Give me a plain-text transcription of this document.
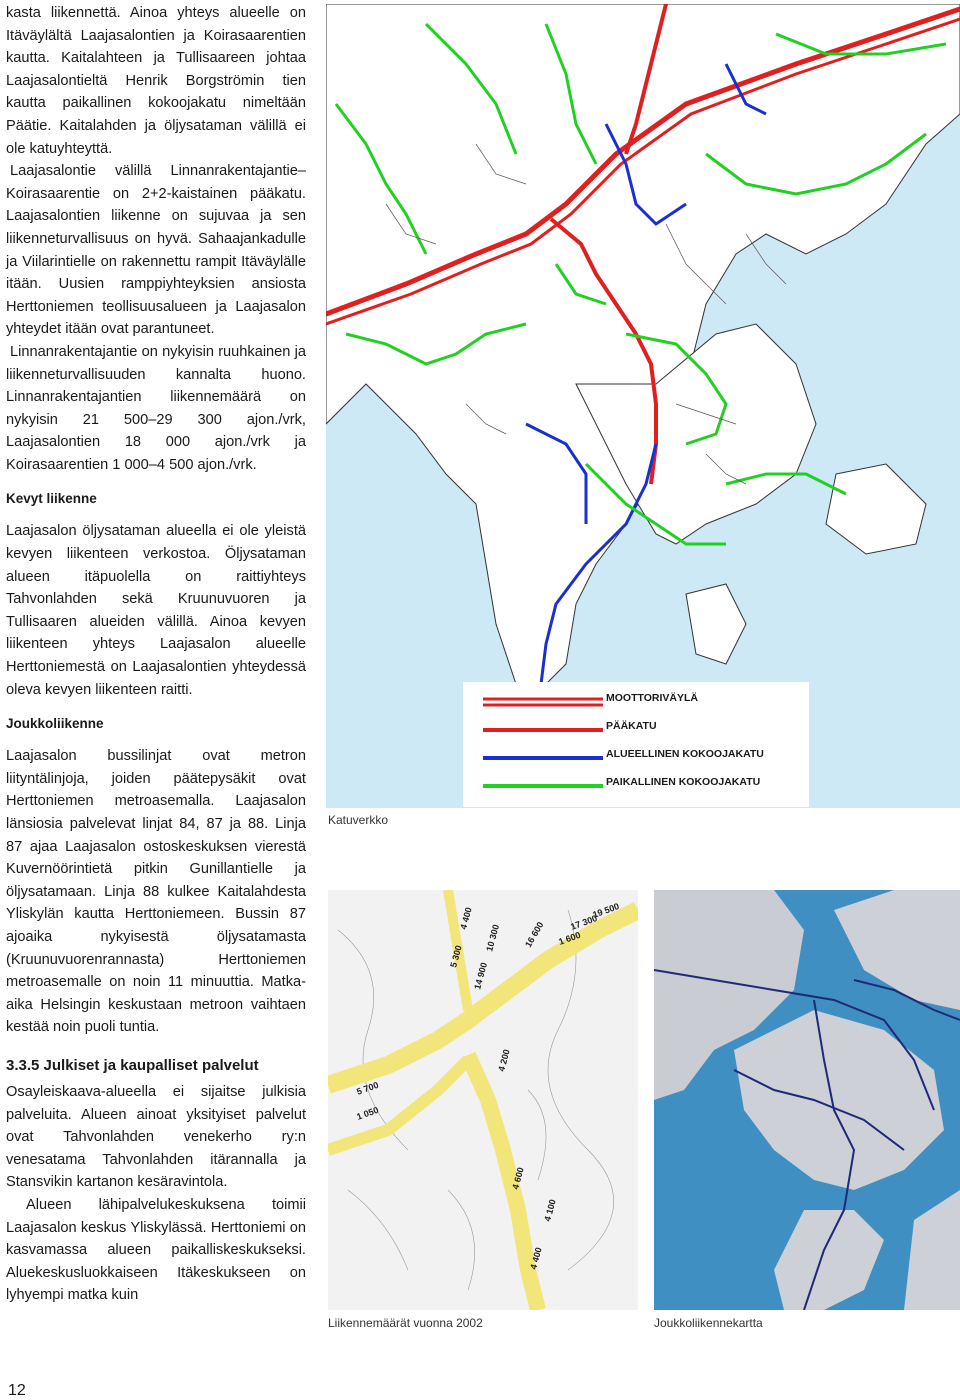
kasta liikennettä. Ainoa yhteys alueelle on Itäväylältä Laajasalontien ja Koirasaarentien kautta. Kaitalahteen ja Tullisaareen johtaa Laajasalontieltä Henrik Borgströmin tien kautta paikallinen kokoojakatu nimeltään Päätie. Kaitalahden ja öljysataman välillä ei ole katuyhteyttä.

Laajasalontie välillä Linnanrakentajantie–Koirasaarentie on 2+2-kaistainen pääkatu. Laajasalontien liikenne on sujuvaa ja sen liikenneturvallisuus on hyvä. Sahaajankadulle ja Viilarintielle on rakennettu rampit Itäväylälle itään. Uusien ramppiyhteyksien ansiosta Herttoniemen teollisuusalueen ja Laajasalon yhteydet itään ovat parantuneet.

Linnanrakentajantie on nykyisin ruuhkainen ja liikenneturvallisuuden kannalta huono. Linnanrakentajantien liikennemäärä on nykyisin 21 500–29 300 ajon./vrk, Laajasalontien 18 000 ajon./vrk ja Koirasaarentien 1 000–4 500 ajon./vrk.

Kevyt liikenne

Laajasalon öljysataman alueella ei ole yleistä kevyen liikenteen verkostoa. Öljysataman alueen itäpuolella on raittiyhteys Tahvonlahden sekä Kruunuvuoren ja Tullisaaren alueiden välillä. Ainoa kevyen liikenteen yhteys Laajasalon alueelle Herttoniemestä on Laajasalontien yhteydessä oleva kevyen liikenteen raitti.

Joukkoliikenne

Laajasalon bussilinjat ovat metron liityntälinjoja, joiden päätepysäkit ovat Herttoniemen metroasemalla. Laajasalon länsiosia palvelevat linjat 84, 87 ja 88. Linja 87 ajaa Laajasalon ostoskeskuksen vierestä Kuvernöörintietä pitkin Gunillantielle ja öljysatamaan. Linja 88 kulkee Kaitalahdesta Yliskylän kautta Herttoniemeen. Bussin 87 ajoaika nykyisestä öljysatamasta (Kruunuvuorenrannasta) Herttoniemen metroasemalle on noin 11 minuuttia. Matka-aika Helsingin keskustaan metroon vaihtaen kestää noin puoli tuntia.

3.3.5 Julkiset ja kaupalliset palvelut

Osayleiskaava-alueella ei sijaitse julkisia palveluita. Alueen ainoat yksityiset palvelut ovat Tahvonlahden venekerho ry:n venesatama Tahvonlahden itärannalla ja Stansvikin kartanon kesäravintola.

Alueen lähipalvelukeskuksena toimii Laajasalon keskus Yliskylässä. Herttoniemi on kasvamassa alueen paikalliskeskukseksi. Aluekeskusluokkaiseen Itäkeskukseen on lyhyempi matka kuin

MOOTTORIVÄYLÄ
PÄÄKATU
ALUEELLINEN KOKOOJAKATU
PAIKALLINEN KOKOOJAKATU
Katuverkko
5 300
14 900
10 300
4 400
5 700
4 600
1 600
4 200
17 300
16 600
19 500
4 100
1 050
4 400
Liikennemäärät vuonna 2002	Joukkoliikennekartta
12
